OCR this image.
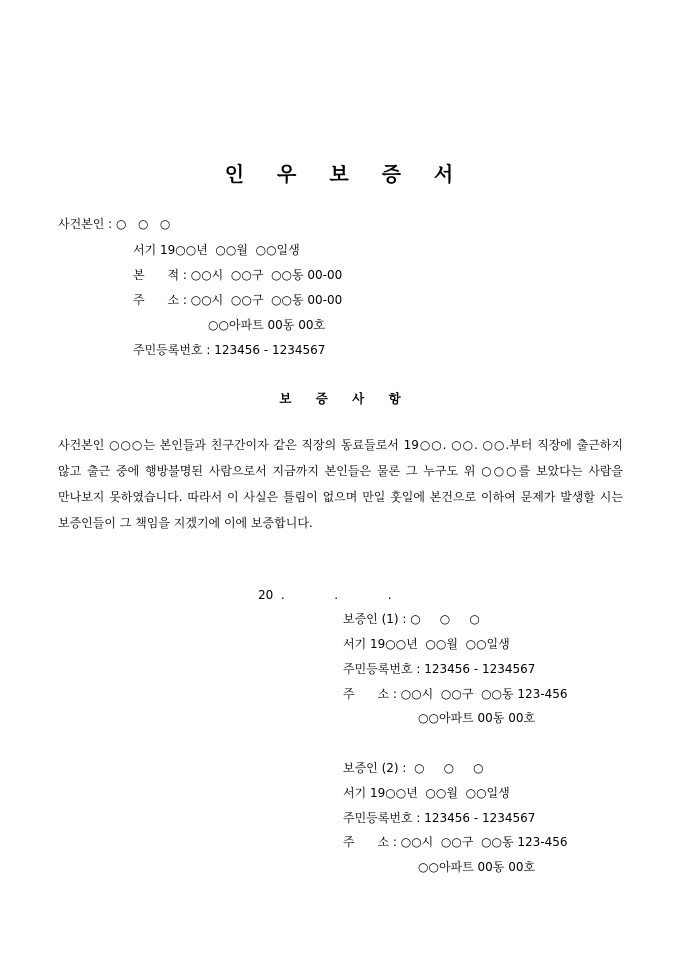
인 우 보 증 서
사건본인 : ○   ○   ○
서기 19○○년  ○○월  ○○일생
본      적 : ○○시  ○○구  ○○동 00-00
주      소 : ○○시  ○○구  ○○동 00-00
○○아파트 00동 00호
주민등록번호 : 123456 - 1234567
보 증 사 항
사건본인 ○○○는 본인들과 친구간이자 같은 직장의 동료들로서 19○○. ○○. ○○.부터 직장에 출근하지 않고 출근 중에 행방불명된 사람으로서 지금까지 본인들은 물론 그 누구도 위 ○○○를 보았다는 사람을 만나보지 못하였습니다. 따라서 이 사실은 틀림이 없으며 만일 훗일에 본건으로 이하여 문제가 발생할 시는 보증인들이 그 책임을 지겠기에 이에 보증합니다.
20  .             .             .
보증인 (1) : ○     ○     ○
서기 19○○년  ○○월  ○○일생
주민등록번호 : 123456 - 1234567
주      소 : ○○시  ○○구  ○○동 123-456
○○아파트 00동 00호
보증인 (2) :  ○     ○     ○
서기 19○○년  ○○월  ○○일생
주민등록번호 : 123456 - 1234567
주      소 : ○○시  ○○구  ○○동 123-456
○○아파트 00동 00호
